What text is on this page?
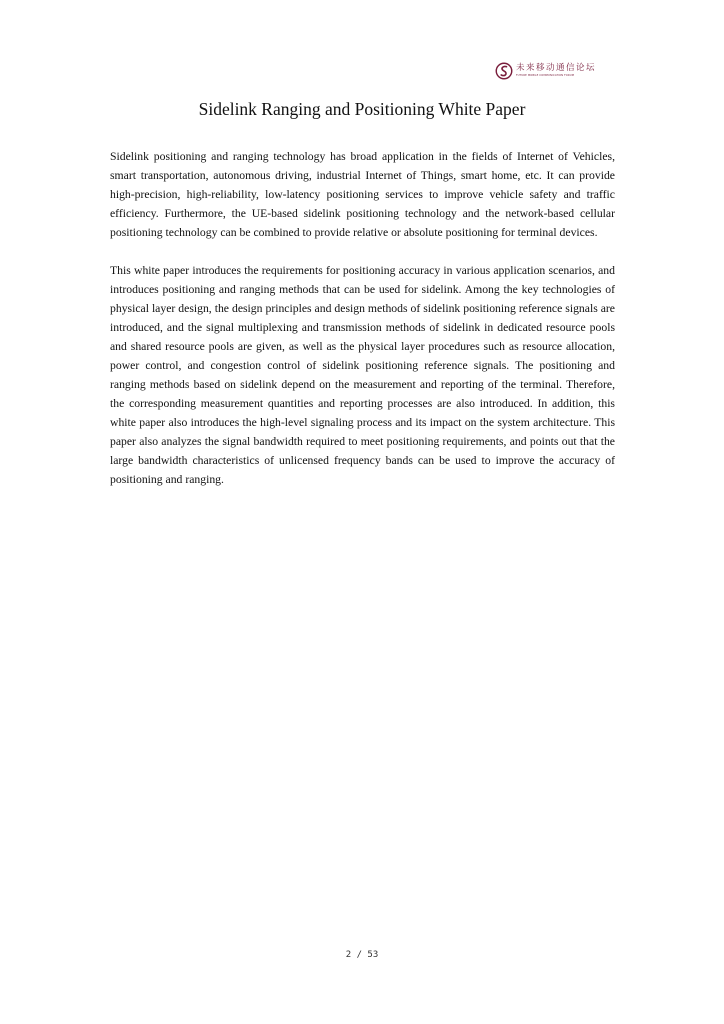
未来移动通信论坛
FUTURE MOBILE COMMUNICATION FORUM
Sidelink Ranging and Positioning White Paper

Sidelink positioning and ranging technology has broad application in the fields of Internet of Vehicles, smart transportation, autonomous driving, industrial Internet of Things, smart home, etc. It can provide high-precision, high-reliability, low-latency positioning services to improve vehicle safety and traffic efficiency. Furthermore, the UE-based sidelink positioning technology and the network-based cellular positioning technology can be combined to provide relative or absolute positioning for terminal devices.

This white paper introduces the requirements for positioning accuracy in various application scenarios, and introduces positioning and ranging methods that can be used for sidelink. Among the key technologies of physical layer design, the design principles and design methods of sidelink positioning reference signals are introduced, and the signal multiplexing and transmission methods of sidelink in dedicated resource pools and shared resource pools are given, as well as the physical layer procedures such as resource allocation, power control, and congestion control of sidelink positioning reference signals. The positioning and ranging methods based on sidelink depend on the measurement and reporting of the terminal. Therefore, the corresponding measurement quantities and reporting processes are also introduced. In addition, this white paper also introduces the high-level signaling process and its impact on the system architecture. This paper also analyzes the signal bandwidth required to meet positioning requirements, and points out that the large bandwidth characteristics of unlicensed frequency bands can be used to improve the accuracy of positioning and ranging.

2 / 53
